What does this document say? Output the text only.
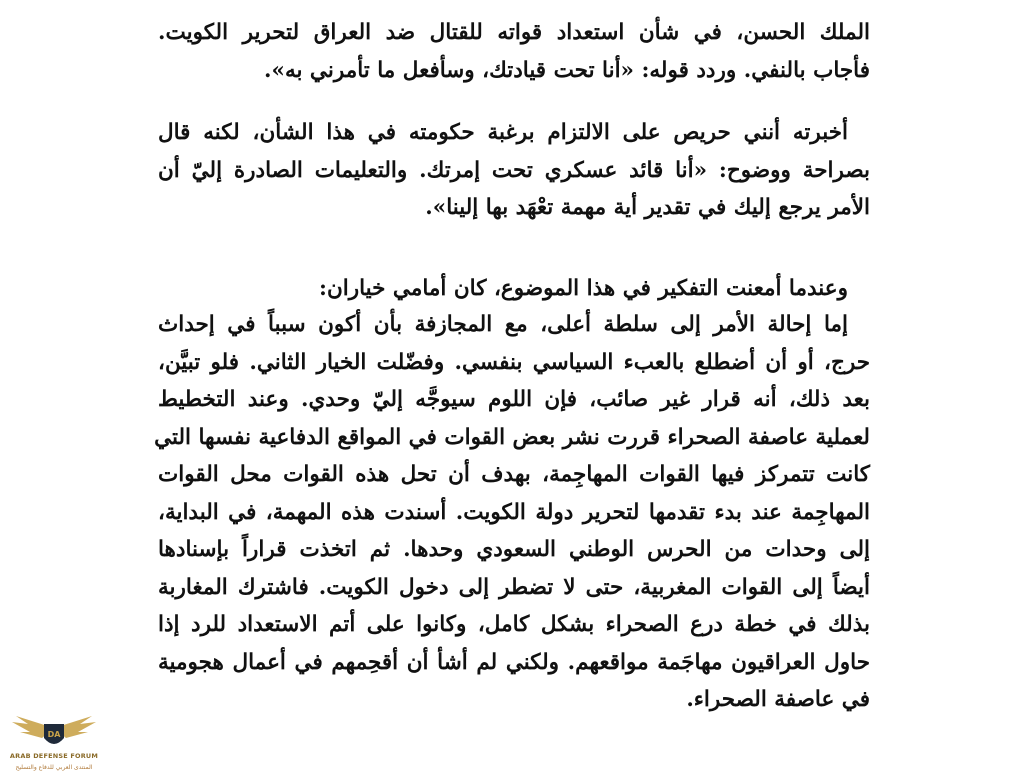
الملك الحسن، في شأن استعداد قواته للقتال ضد العراق لتحرير الكويت.
فأجاب بالنفي. وردد قوله: «أنا تحت قيادتك، وسأفعل ما تأمرني به».
أخبرته أنني حريص على الالتزام برغبة حكومته في هذا الشأن، لكنه قال
بصراحة ووضوح: «أنا قائد عسكري تحت إمرتك. والتعليمات الصادرة إليّ أن
الأمر يرجع إليك في تقدير أية مهمة تعْهَد بها إلينا».
وعندما أمعنت التفكير في هذا الموضوع، كان أمامي خياران:
إما إحالة الأمر إلى سلطة أعلى، مع المجازفة بأن أكون سبباً في إحداث
حرج، أو أن أضطلع بالعبء السياسي بنفسي. وفضّلت الخيار الثاني. فلو تبيَّن،
بعد ذلك، أنه قرار غير صائب، فإن اللوم سيوجَّه إليّ وحدي. وعند التخطيط
لعملية عاصفة الصحراء قررت نشر بعض القوات في المواقع الدفاعية نفسها التي
كانت تتمركز فيها القوات المهاجِمة، بهدف أن تحل هذه القوات محل القوات
المهاجِمة عند بدء تقدمها لتحرير دولة الكويت. أسندت هذه المهمة، في البداية،
إلى وحدات من الحرس الوطني السعودي وحدها. ثم اتخذت قراراً بإسنادها
أيضاً إلى القوات المغربية، حتى لا تضطر إلى دخول الكويت. فاشترك المغاربة
بذلك في خطة درع الصحراء بشكل كامل، وكانوا على أتم الاستعداد للرد إذا
حاول العراقيون مهاجَمة مواقعهم. ولكني لم أشأ أن أقحِمهم في أعمال هجومية
في عاصفة الصحراء.
DA
ARAB DEFENSE FORUM
المنتدى العربي للدفاع والتسليح
